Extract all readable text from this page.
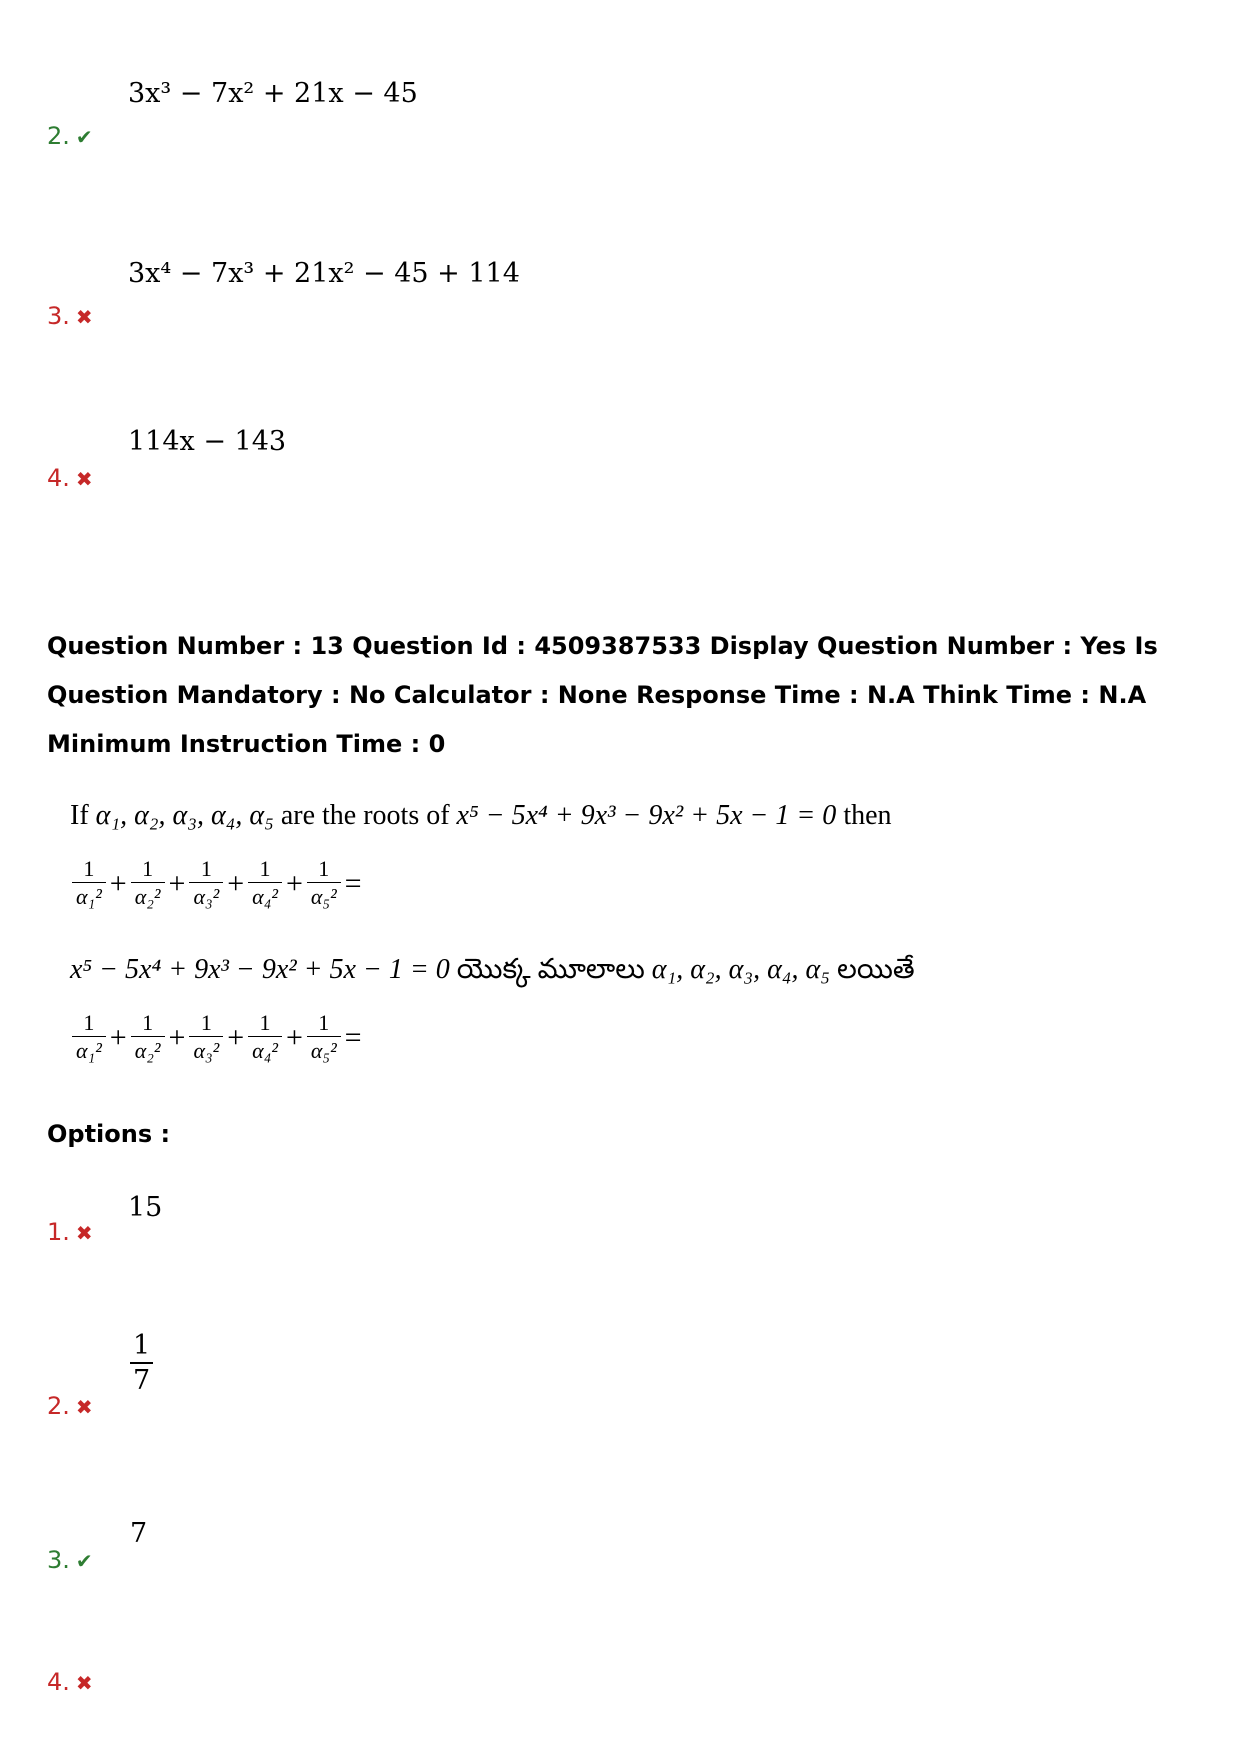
3x³ − 7x² + 21x − 45
2. ✔
3x⁴ − 7x³ + 21x² − 45 + 114
3. ✖
114x − 143
4. ✖
Question Number : 13 Question Id : 4509387533 Display Question Number : Yes Is Question Mandatory : No Calculator : None Response Time : N.A Think Time : N.A Minimum Instruction Time : 0
If α₁, α₂, α₃, α₄, α₅ are the roots of x⁵ − 5x⁴ + 9x³ − 9x² + 5x − 1 = 0 then
$\frac{1}{\text{α₁²}} + \frac{1}{\text{α₂²}} + \frac{1}{\text{α₃²}} + \frac{1}{\text{α₄²}} + \frac{1}{\text{α₅²}}$ =
x⁵ − 5x⁴ + 9x³ − 9x² + 5x − 1 = 0 యొక్క మూలాలు α₁, α₂, α₃, α₄, α₅ లయితే
$\frac{1}{\text{α₁²}} + \frac{1}{\text{α₂²}} + \frac{1}{\text{α₃²}} + \frac{1}{\text{α₄²}} + \frac{1}{\text{α₅²}}$ =
Options :
15
1. ✖
$\frac{1}{7}$
2. ✖
7
3. ✔
4. ✖
